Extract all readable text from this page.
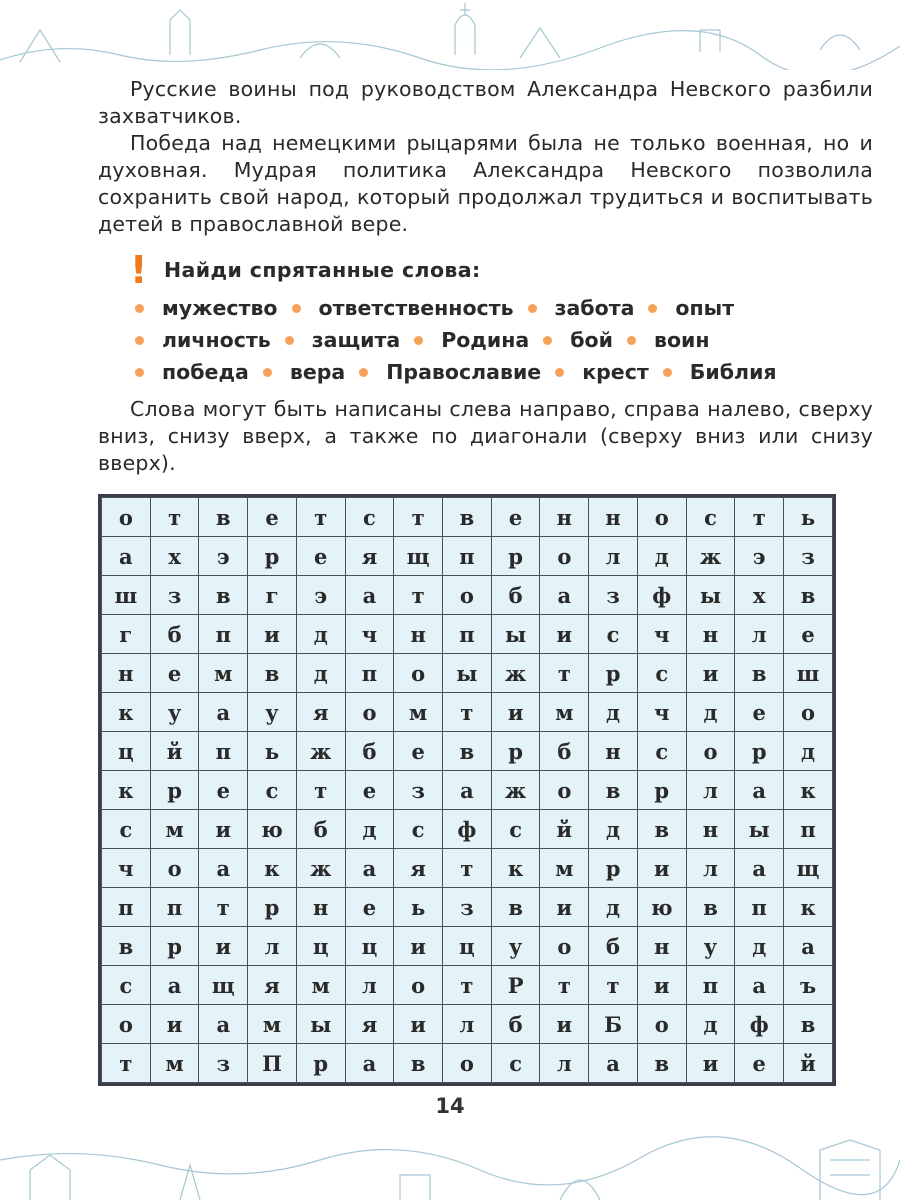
Русские воины под руководством Александра Невского разбили захватчиков.

Победа над немецкими рыцарями была не только военная, но и духовная. Мудрая политика Александра Невского позволила сохранить свой народ, который продолжал трудиться и воспитывать детей в православной вере.

! Найди спрятанные слова:
мужество ответственность забота опыт
личность защита Родина бой воин
победа вера Православие крест Библия

Слова могут быть написаны слева направо, справа налево, сверху вниз, снизу вверх, а также по диагонали (сверху вниз или снизу вверх).

о	т	в	е	т	с	т	в	е	н	н	о	с	т	ь
а	х	э	р	е	я	щ	п	р	о	л	д	ж	э	з
ш	з	в	г	э	а	т	о	б	а	з	ф	ы	х	в
г	б	п	и	д	ч	н	п	ы	и	с	ч	н	л	е
н	е	м	в	д	п	о	ы	ж	т	р	с	и	в	ш
к	у	а	у	я	о	м	т	и	м	д	ч	д	е	о
ц	й	п	ь	ж	б	е	в	р	б	н	с	о	р	д
к	р	е	с	т	е	з	а	ж	о	в	р	л	а	к
с	м	и	ю	б	д	с	ф	с	й	д	в	н	ы	п
ч	о	а	к	ж	а	я	т	к	м	р	и	л	а	щ
п	п	т	р	н	е	ь	з	в	и	д	ю	в	п	к
в	р	и	л	ц	ц	и	ц	у	о	б	н	у	д	а
с	а	щ	я	м	л	о	т	Р	т	т	и	п	а	ъ
о	и	а	м	ы	я	и	л	б	и	Б	о	д	ф	в
т	м	з	П	р	а	в	о	с	л	а	в	и	е	й
14
